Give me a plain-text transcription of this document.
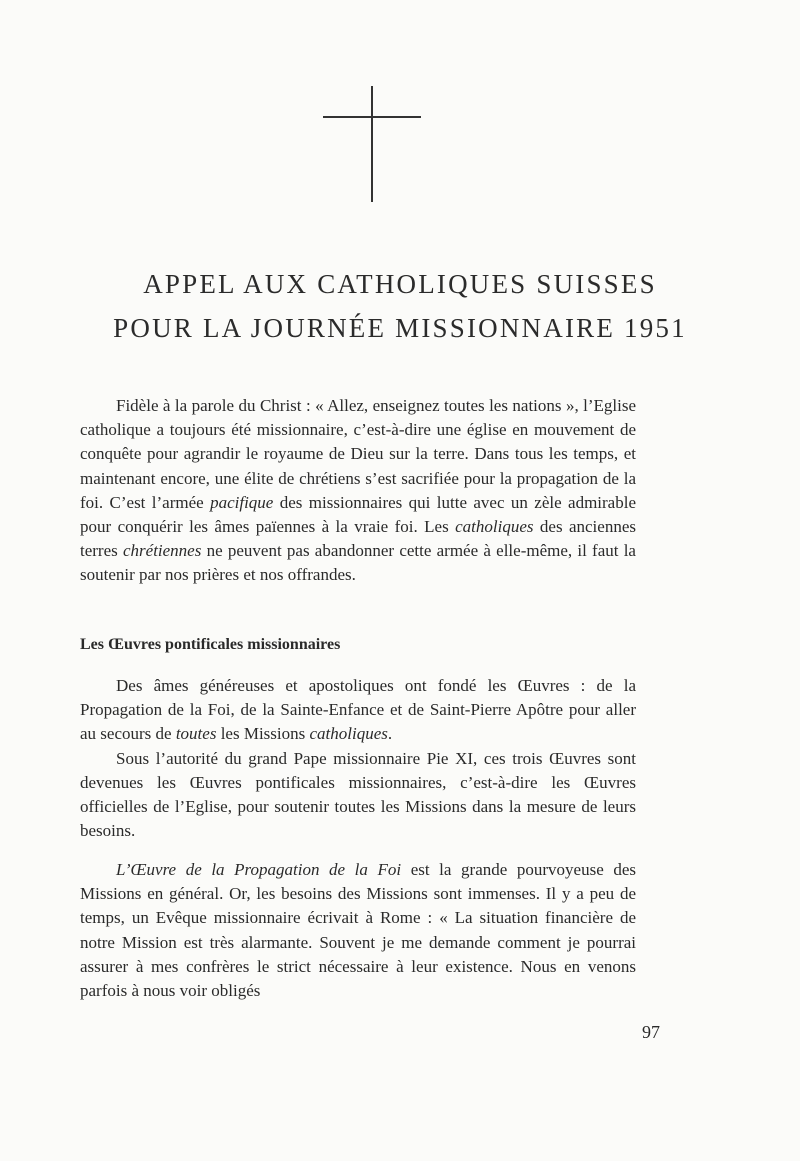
APPEL AUX CATHOLIQUES SUISSES
POUR LA JOURNÉE MISSIONNAIRE 1951

Fidèle à la parole du Christ : « Allez, enseignez toutes les nations », l’Eglise catholique a toujours été missionnaire, c’est-à-dire une église en mouvement de conquête pour agrandir le royaume de Dieu sur la terre. Dans tous les temps, et maintenant encore, une élite de chrétiens s’est sacrifiée pour la propagation de la foi. C’est l’armée pacifique des missionnaires qui lutte avec un zèle admirable pour conquérir les âmes païennes à la vraie foi. Les catholiques des anciennes terres chrétiennes ne peuvent pas abandonner cette armée à elle-même, il faut la soutenir par nos prières et nos offrandes.

Les Œuvres pontificales missionnaires

Des âmes généreuses et apostoliques ont fondé les Œuvres : de la Propagation de la Foi, de la Sainte-Enfance et de Saint-Pierre Apôtre pour aller au secours de toutes les Missions catholiques.

Sous l’autorité du grand Pape missionnaire Pie XI, ces trois Œuvres sont devenues les Œuvres pontificales missionnaires, c’est-à-dire les Œuvres officielles de l’Eglise, pour soutenir toutes les Missions dans la mesure de leurs besoins.

L’Œuvre de la Propagation de la Foi est la grande pourvoyeuse des Missions en général. Or, les besoins des Missions sont immenses. Il y a peu de temps, un Evêque missionnaire écrivait à Rome : « La situation financière de notre Mission est très alarmante. Souvent je me demande comment je pourrai assurer à mes confrères le strict nécessaire à leur existence. Nous en venons parfois à nous voir obligés

97
